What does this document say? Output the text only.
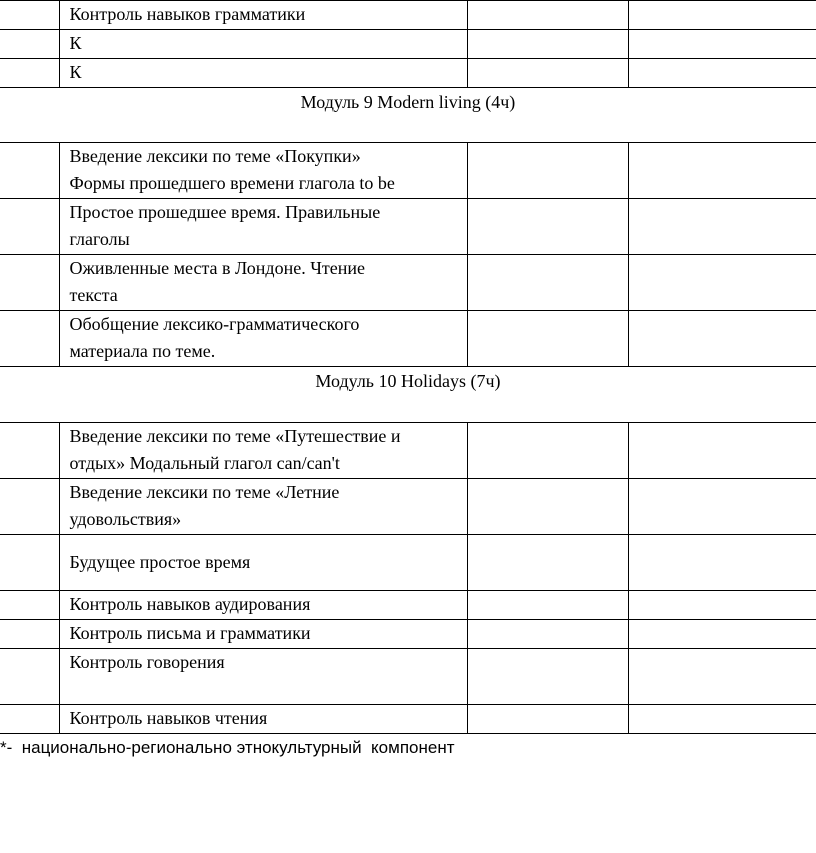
	Контроль навыков грамматики		
	К		
	К		
Модуль 9 Modern living (4ч)			

	Введение лексики по теме «Покупки»
Формы прошедшего времени глагола to be		

	Простое прошедшее время. Правильные
глаголы		

	Оживленные места в Лондоне. Чтение
текста		

	Обобщение лексико-грамматического
материала по теме.		

Модуль 10 Holidays (7ч)			

	Введение лексики по теме «Путешествие и
отдых» Модальный глагол can/can't		

	Введение лексики по теме «Летние
удовольствия»		

	Будущее простое время		
	Контроль навыков аудирования		
	Контроль письма и грамматики		
	Контроль говорения		
	Контроль навыков чтения		
*-  национально-регионально этнокультурный  компонент
